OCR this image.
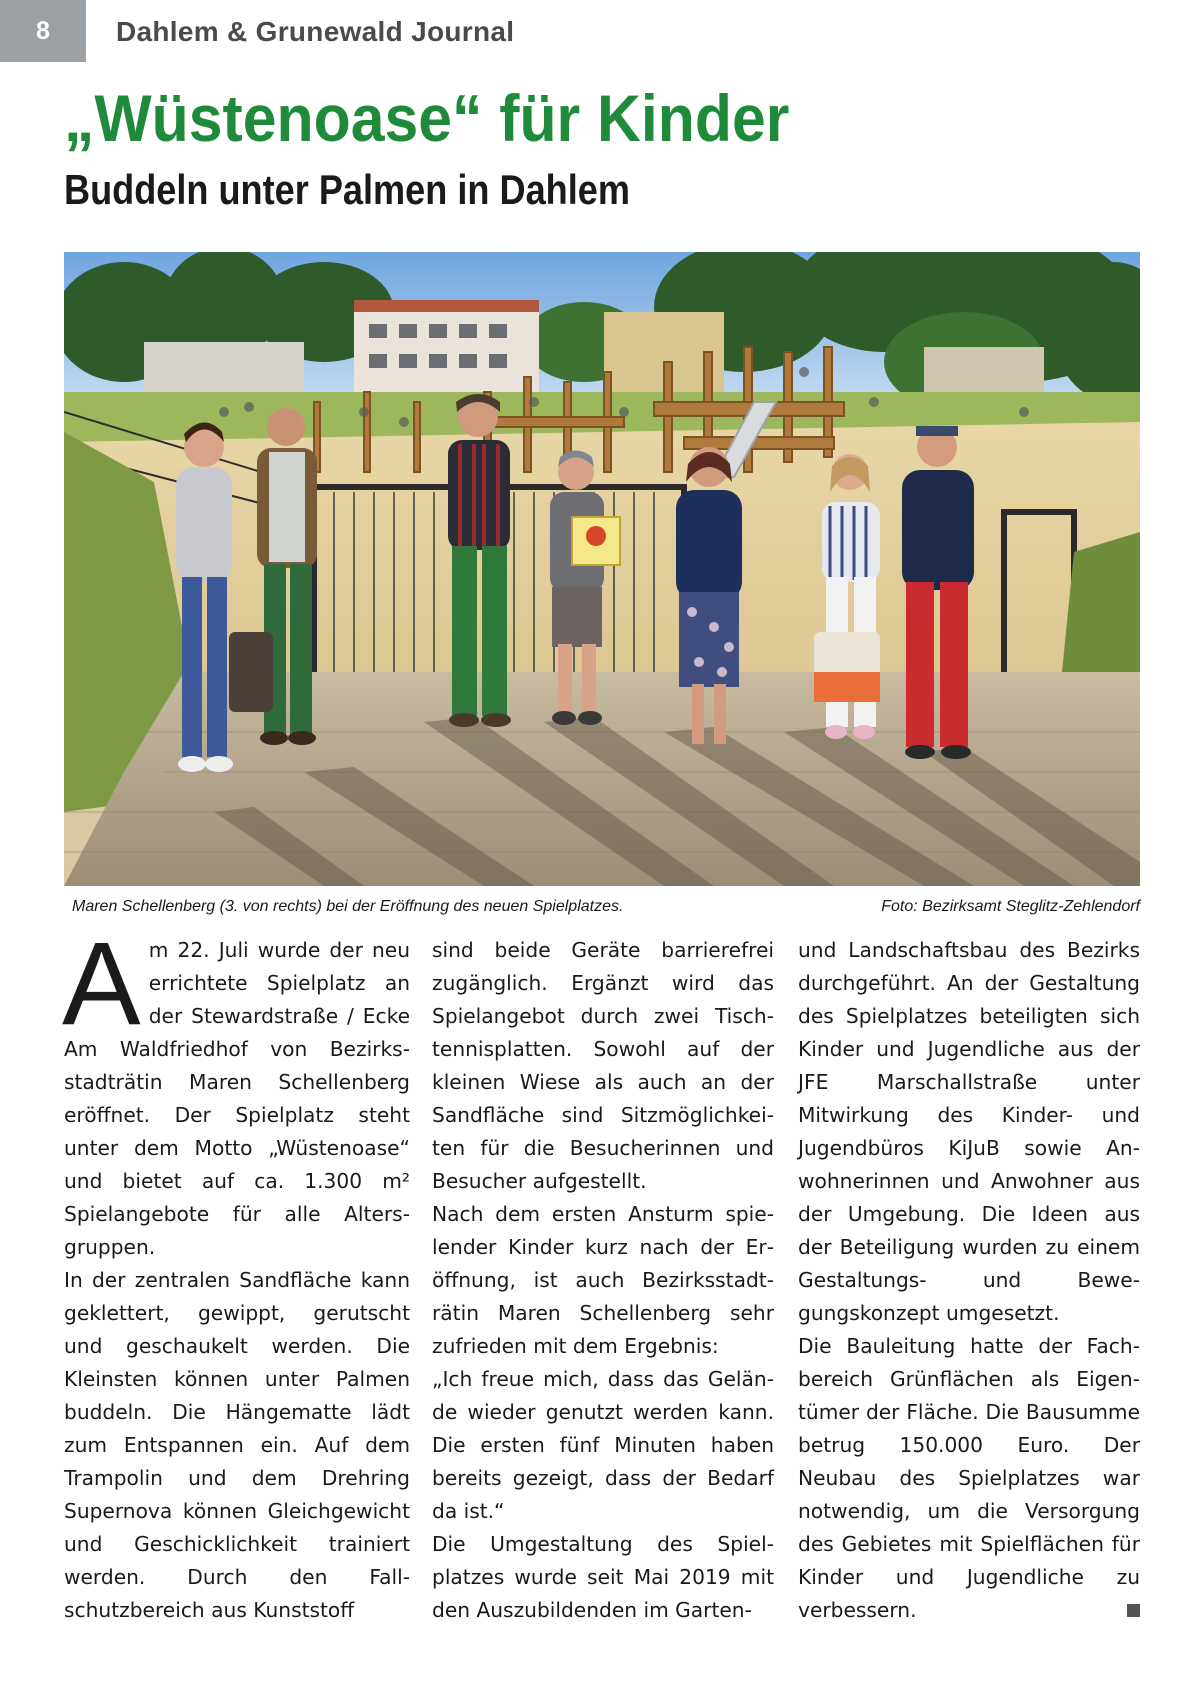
8	Dahlem & Grunewald Journal
„Wüstenoase“ für Kinder
Buddeln unter Palmen in Dahlem
Maren Schellenberg (3. von rechts) bei der Eröffnung des neuen Spielplatzes.	Foto: Bezirksamt Steglitz-Zehlendorf

Am 22. Juli wurde der neu errichtete Spielplatz an der Stewardstraße / Ecke Am Waldfriedhof von Bezirksstadträtin Maren Schellenberg eröffnet. Der Spielplatz steht unter dem Motto „Wüstenoase“ und bietet auf ca. 1.300 m² Spielangebote für alle Altersgruppen.

In der zentralen Sandfläche kann geklettert, gewippt, gerutscht und geschaukelt werden. Die Kleinsten können unter Palmen buddeln. Die Hängematte lädt zum Entspannen ein. Auf dem Trampolin und dem Drehring Supernova können Gleichgewicht und Geschicklichkeit trainiert werden. Durch den Fallschutzbereich aus Kunststoff

sind beide Geräte barrierefrei zugänglich. Ergänzt wird das Spielangebot durch zwei Tischtennisplatten. Sowohl auf der kleinen Wiese als auch an der Sandfläche sind Sitzmöglichkeiten für die Besucherinnen und Besucher aufgestellt.

Nach dem ersten Ansturm spielender Kinder kurz nach der Eröffnung, ist auch Bezirksstadträtin Maren Schellenberg sehr zufrieden mit dem Ergebnis:

„Ich freue mich, dass das Gelände wieder genutzt werden kann. Die ersten fünf Minuten haben bereits gezeigt, dass der Bedarf da ist.“

Die Umgestaltung des Spielplatzes wurde seit Mai 2019 mit den Auszubildenden im Garten-

und Landschaftsbau des Bezirks durchgeführt. An der Gestaltung des Spielplatzes beteiligten sich Kinder und Jugendliche aus der JFE Marschallstraße unter Mitwirkung des Kinder- und Jugendbüros KiJuB sowie Anwohnerinnen und Anwohner aus der Umgebung. Die Ideen aus der Beteiligung wurden zu einem Gestaltungs- und Bewegungskonzept umgesetzt.

Die Bauleitung hatte der Fachbereich Grünflächen als Eigentümer der Fläche. Die Bausumme betrug 150.000 Euro. Der Neubau des Spielplatzes war notwendig, um die Versorgung des Gebietes mit Spielflächen für Kinder und Jugendliche zu verbessern.
